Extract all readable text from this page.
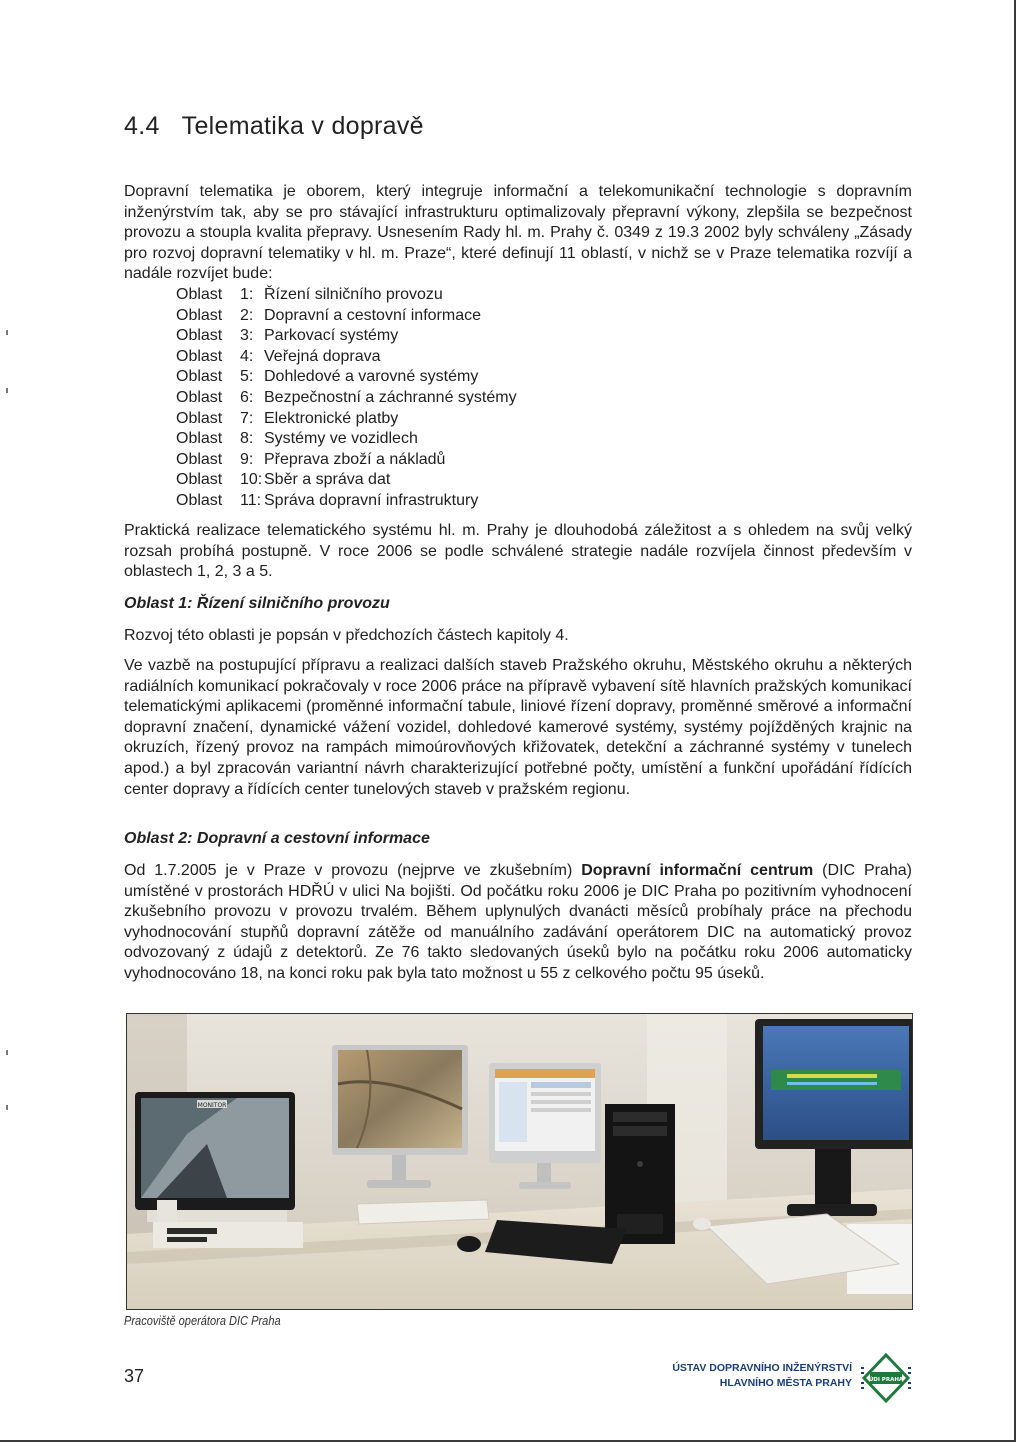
4.4 Telematika v dopravě

Dopravní telematika je oborem, který integruje informační a telekomunikační technologie s dopravním inženýrstvím tak, aby se pro stávající infrastrukturu optimalizovaly přepravní výkony, zlepšila se bezpečnost provozu a stoupla kvalita přepravy. Usnesením Rady hl. m. Prahy č. 0349 z 19.3 2002 byly schváleny „Zásady pro rozvoj dopravní telematiky v hl. m. Praze“, které definují 11 oblastí, v nichž se v Praze telematika rozvíjí a nadále rozvíjet bude:

Oblast 1: Řízení silničního provozu
Oblast 2: Dopravní a cestovní informace
Oblast 3: Parkovací systémy
Oblast 4: Veřejná doprava
Oblast 5: Dohledové a varovné systémy
Oblast 6: Bezpečnostní a záchranné systémy
Oblast 7: Elektronické platby
Oblast 8: Systémy ve vozidlech
Oblast 9: Přeprava zboží a nákladů
Oblast 10: Sběr a správa dat
Oblast 11: Správa dopravní infrastruktury

Praktická realizace telematického systému hl. m. Prahy je dlouhodobá záležitost a s ohledem na svůj velký rozsah probíhá postupně. V roce 2006 se podle schválené strategie nadále rozvíjela činnost především v oblastech 1, 2, 3 a 5.

Oblast 1: Řízení silničního provozu

Rozvoj této oblasti je popsán v předchozích částech kapitoly 4.

Ve vazbě na postupující přípravu a realizaci dalších staveb Pražského okruhu, Městského okruhu a některých radiálních komunikací pokračovaly v roce 2006 práce na přípravě vybavení sítě hlavních pražských komunikací telematickými aplikacemi (proměnné informační tabule, liniové řízení dopravy, proměnné směrové a informační dopravní značení, dynamické vážení vozidel, dohledové kamerové systémy, systémy pojížděných krajnic na okruzích, řízený provoz na rampách mimoúrovňových křižovatek, detekční a záchranné systémy v tunelech apod.) a byl zpracován variantní návrh charakterizující potřebné počty, umístění a funkční upořádání řídících center dopravy a řídících center tunelových staveb v pražském regionu.

Oblast 2: Dopravní a cestovní informace

Od 1.7.2005 je v Praze v provozu (nejprve ve zkušebním) Dopravní informační centrum (DIC Praha) umístěné v prostorách HDŘÚ v ulici Na bojišti. Od počátku roku 2006 je DIC Praha po pozitivním vyhodnocení zkušebního provozu v provozu trvalém. Během uplynulých dvanácti měsíců probíhaly práce na přechodu vyhodnocování stupňů dopravní zátěže od manuálního zadávání operátorem DIC na automatický provoz odvozovaný z údajů z detektorů. Ze 76 takto sledovaných úseků bylo na počátku roku 2006 automaticky vyhodnocováno 18, na konci roku pak byla tato možnost u 55 z celkového počtu 95 úseků.

MONITOR
Pracoviště operátora DIC Praha
37	ÚSTAV DOPRAVNÍHO INŽENÝRSTVÍ
HLAVNÍHO MĚSTA PRAHY	ÚDI PRAHA
